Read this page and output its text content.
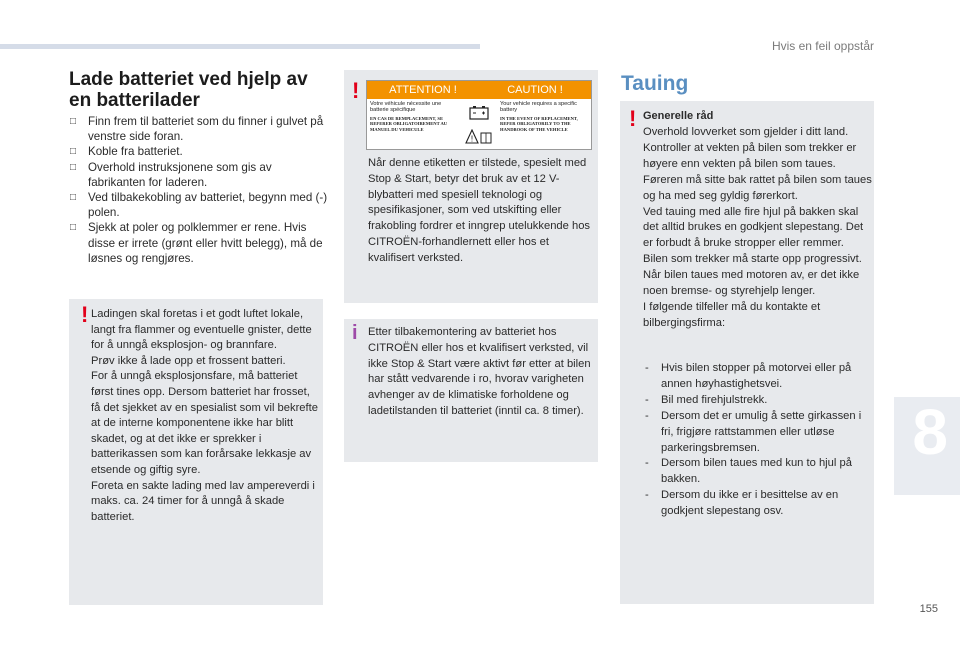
Hvis en feil oppstår
8
155
Lade batteriet ved hjelp av en batterilader
□ Finn frem til batteriet som du finner i gulvet på venstre side foran.
□ Koble fra batteriet.
□ Overhold instruksjonene som gis av fabrikanten for laderen.
□ Ved tilbakekobling av batteriet, begynn med (-) polen.
□ Sjekk at poler og polklemmer er rene. Hvis disse er irrete (grønt eller hvitt belegg), må de løsnes og rengjøres.
! Ladingen skal foretas i et godt luftet lokale, langt fra flammer og eventuelle gnister, dette for å unngå eksplosjon- og brannfare.
Prøv ikke å lade opp et frossent batteri.
For å unngå eksplosjonsfare, må batteriet først tines opp. Dersom batteriet har frosset, få det sjekket av en spesialist som vil bekrefte at de interne komponentene ikke har blitt skadet, og at det ikke er sprekker i batterikassen som kan forårsake lekkasje av etsende og giftig syre.
Foreta en sakte lading med lav ampereverdi i maks. ca. 24 timer for å unngå å skade batteriet.
!	ATTENTION !	CAUTION !
Votre véhicule nécessite une batterie spécifique
EN CAS DE REMPLACEMENT, SE REFERER OBLIGATOIREMENT AU MANUEL DU VEHICULE
!
Your vehicle requires a specific battery
IN THE EVENT OF REPLACEMENT, REFER OBLIGATORILY TO THE HANDBOOK OF THE VEHICLE
Når denne etiketten er tilstede, spesielt med Stop & Start, betyr det bruk av et 12 V-blybatteri med spesiell teknologi og spesifikasjoner, som ved utskifting eller frakobling fordrer et inngrep utelukkende hos CITROËN-forhandlernett eller hos et kvalifisert verksted.
i Etter tilbakemontering av batteriet hos CITROËN eller hos et kvalifisert verksted, vil ikke Stop & Start være aktivt før etter at bilen har stått vedvarende i ro, hvorav varigheten avhenger av de klimatiske forholdene og ladetilstanden til batteriet (inntil ca. 8 timer).
Tauing
! Generelle råd
Overhold lovverket som gjelder i ditt land.
Kontroller at vekten på bilen som trekker er høyere enn vekten på bilen som taues.
Føreren må sitte bak rattet på bilen som taues og ha med seg gyldig førerkort.
Ved tauing med alle fire hjul på bakken skal det alltid brukes en godkjent slepestang. Det er forbudt å bruke stropper eller remmer.
Bilen som trekker må starte opp progressivt.
Når bilen taues med motoren av, er det ikke noen bremse- og styrehjelp lenger.
I følgende tilfeller må du kontakte et bilbergingsfirma:
- Hvis bilen stopper på motorvei eller på annen høyhastighetsvei.
- Bil med firehjulstrekk.
- Dersom det er umulig å sette girkassen i fri, frigjøre rattstammen eller utløse parkeringsbremsen.
- Dersom bilen taues med kun to hjul på bakken.
- Dersom du ikke er i besittelse av en godkjent slepestang osv.
